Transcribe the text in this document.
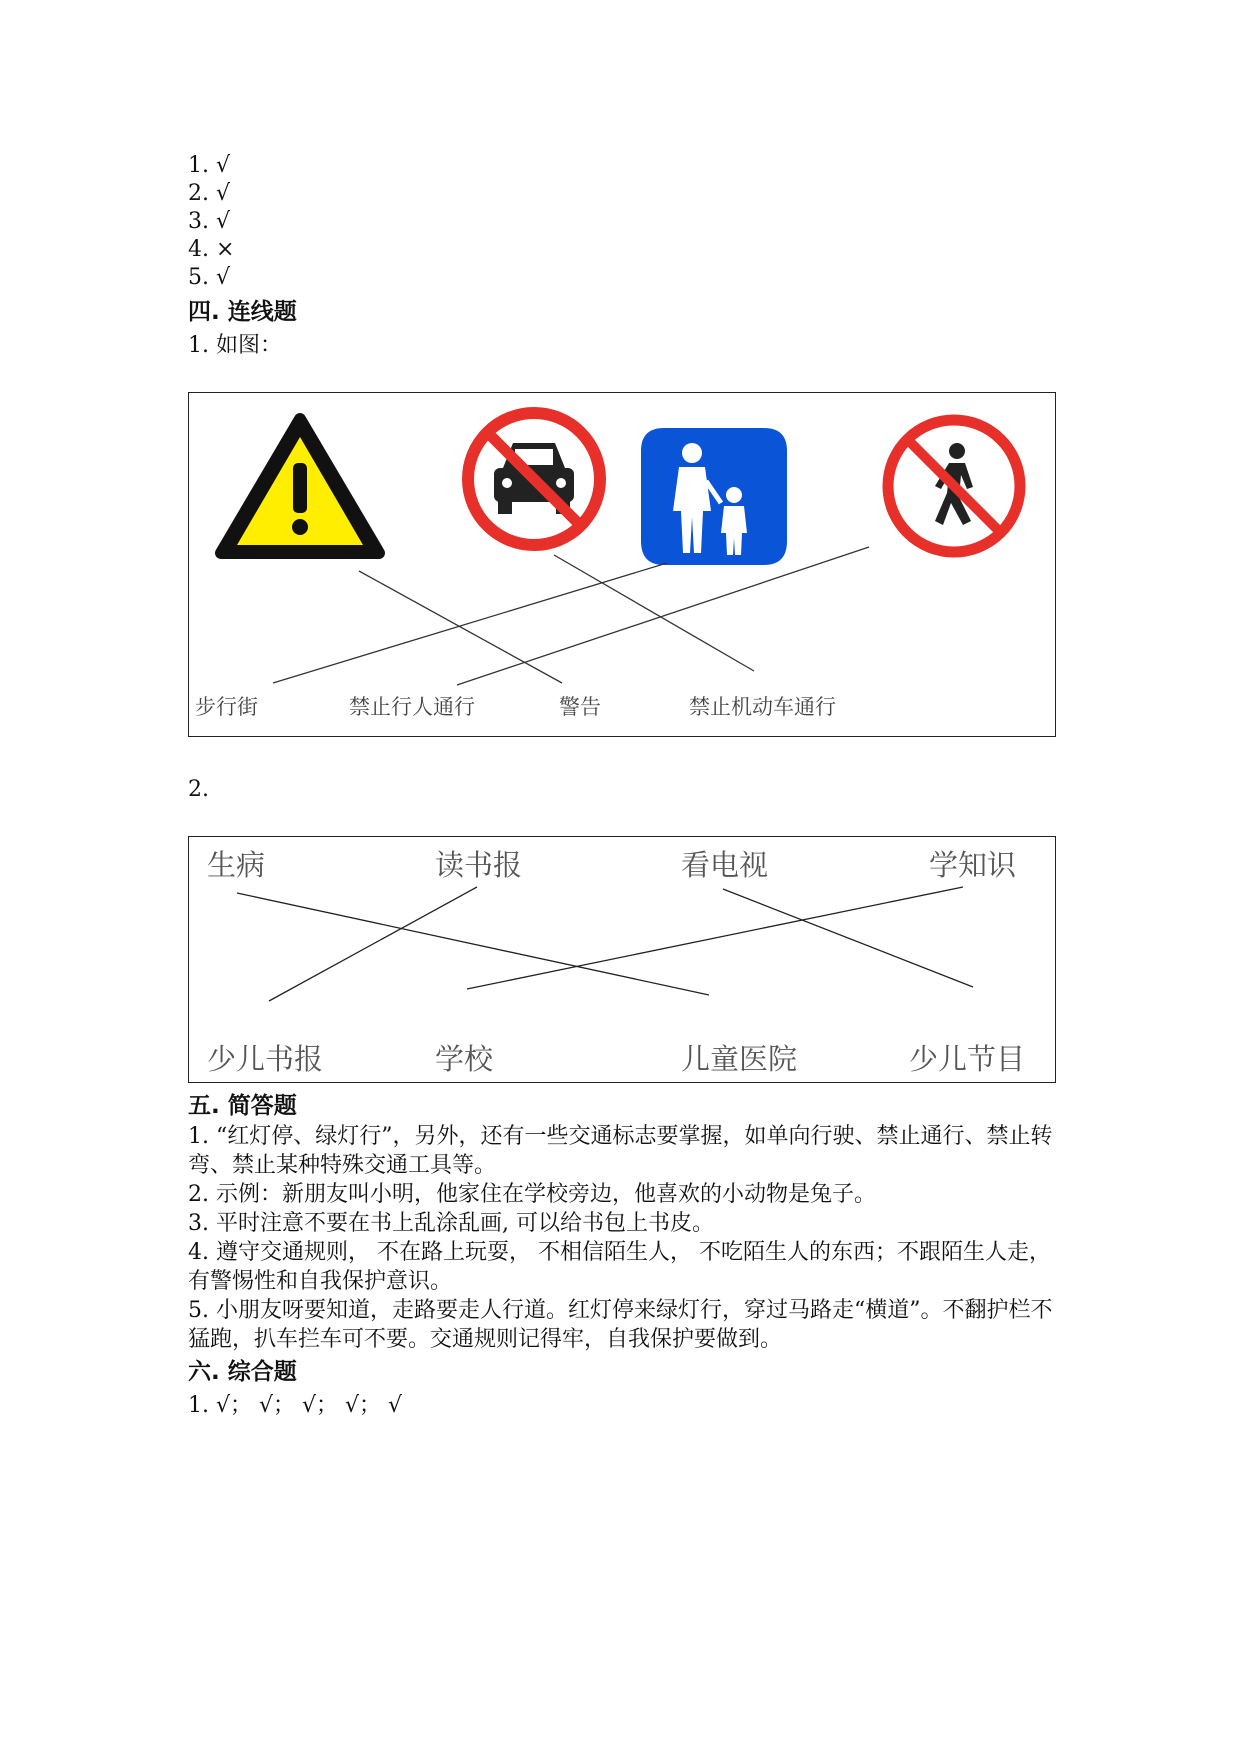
1. √
2. √
3. √
4. ×
5. √
四. 连线题
1. 如图：
步行街	禁止行人通行	警告	禁止机动车通行
2.
生病	读书报	看电视	学知识
少儿书报	学校	儿童医院	少儿节目
五. 简答题
1. “红灯停、绿灯行”，另外，还有一些交通标志要掌握，如单向行驶、禁止通行、禁止转弯、禁止某种特殊交通工具等。
2. 示例：新朋友叫小明，他家住在学校旁边，他喜欢的小动物是兔子。
3. 平时注意不要在书上乱涂乱画, 可以给书包上书皮。
4. 遵守交通规则， 不在路上玩耍， 不相信陌生人， 不吃陌生人的东西；不跟陌生人走，有警惕性和自我保护意识。
5. 小朋友呀要知道，走路要走人行道。红灯停来绿灯行，穿过马路走“横道”。不翻护栏不猛跑，扒车拦车可不要。交通规则记得牢，自我保护要做到。
六. 综合题
1. √； √； √； √； √
